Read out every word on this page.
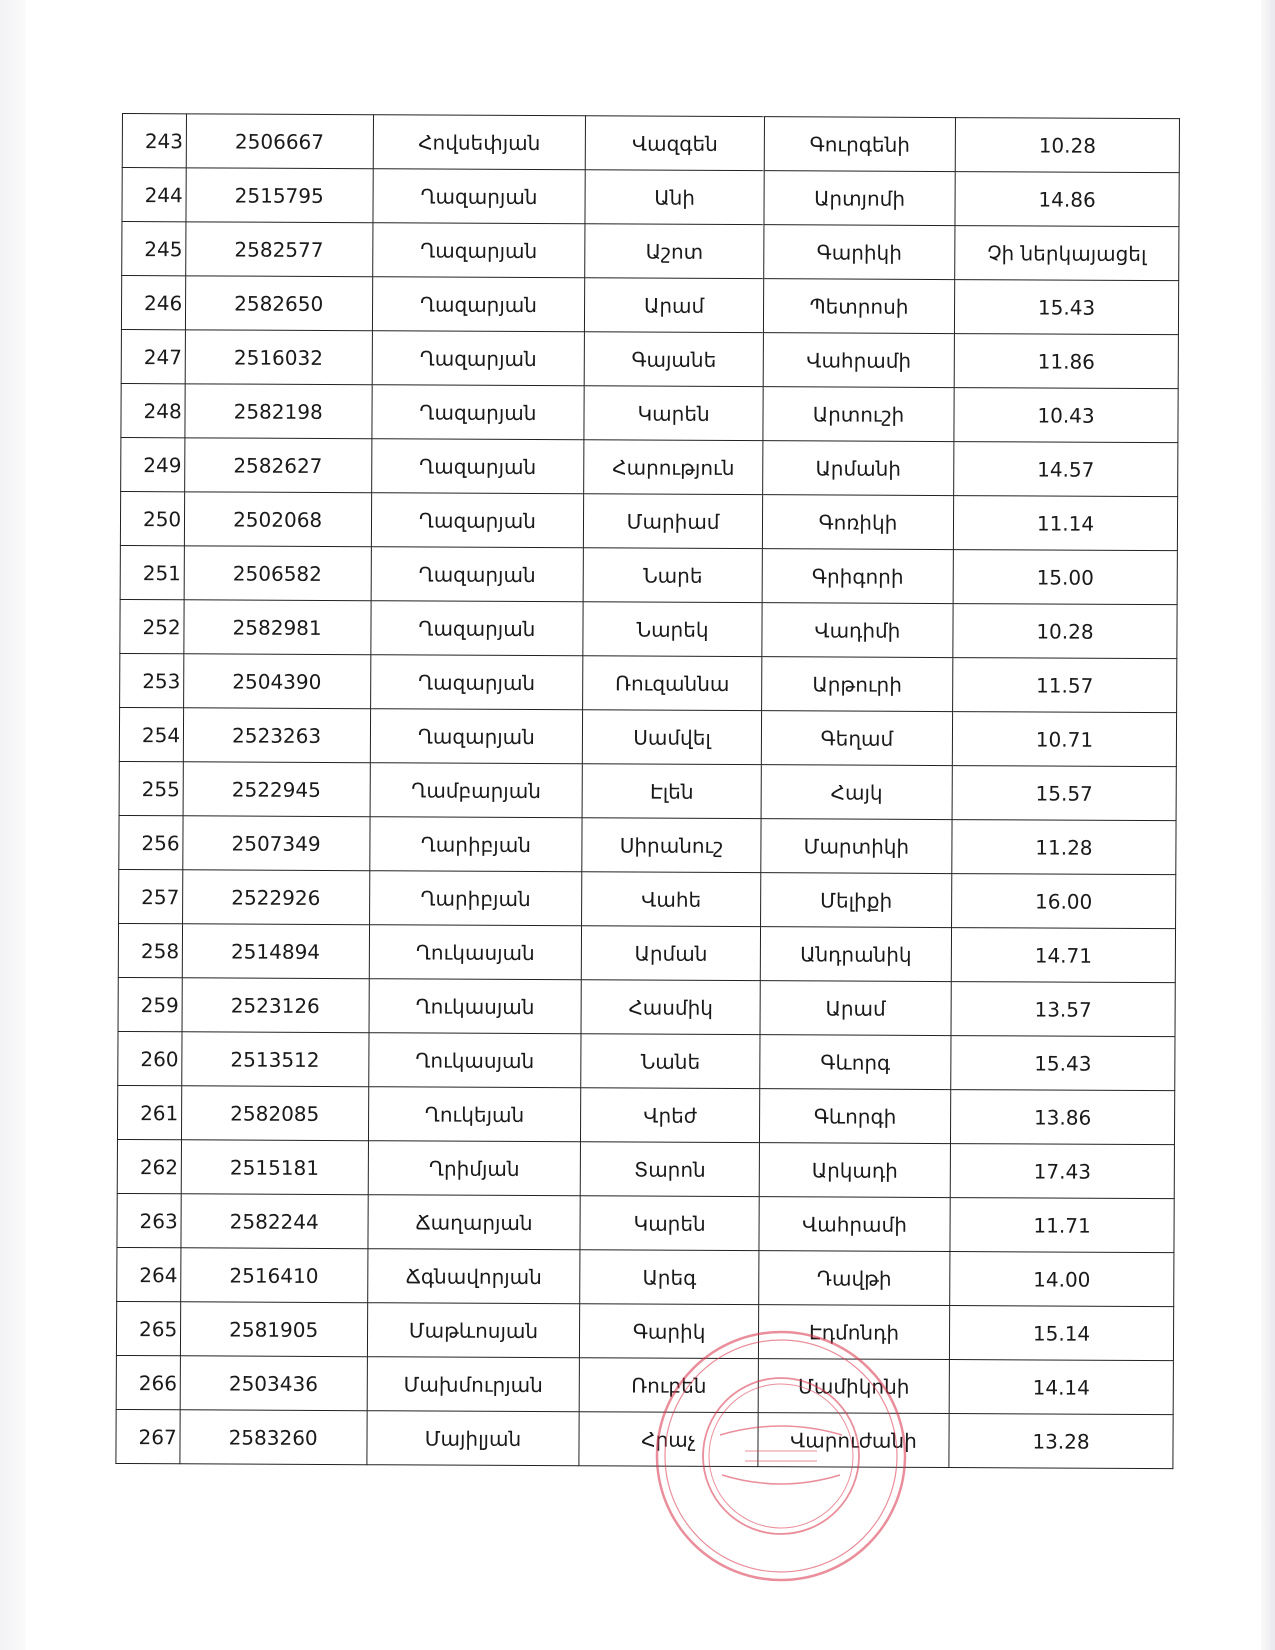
243	2506667	Հովսեփյան	Վազգեն	Գուրգենի	10.28
244	2515795	Ղազարյան	Անի	Արտյոմի	14.86
245	2582577	Ղազարյան	Աշոտ	Գարիկի	Չի ներկայացել
246	2582650	Ղազարյան	Արամ	Պետրոսի	15.43
247	2516032	Ղազարյան	Գայանե	Վահրամի	11.86
248	2582198	Ղազարյան	Կարեն	Արտուշի	10.43
249	2582627	Ղազարյան	Հարություն	Արմանի	14.57
250	2502068	Ղազարյան	Մարիամ	Գոռիկի	11.14
251	2506582	Ղազարյան	Նարե	Գրիգորի	15.00
252	2582981	Ղազարյան	Նարեկ	Վադիմի	10.28
253	2504390	Ղազարյան	Ռուզաննա	Արթուրի	11.57
254	2523263	Ղազարյան	Սամվել	Գեղամ	10.71
255	2522945	Ղամբարյան	Էլեն	Հայկ	15.57
256	2507349	Ղարիբյան	Սիրանուշ	Մարտիկի	11.28
257	2522926	Ղարիբյան	Վահե	Մելիքի	16.00
258	2514894	Ղուկասյան	Արման	Անդրանիկ	14.71
259	2523126	Ղուկասյան	Հասմիկ	Արամ	13.57
260	2513512	Ղուկասյան	Նանե	Գևորգ	15.43
261	2582085	Ղուկեյան	Վրեժ	Գևորգի	13.86
262	2515181	Ղրիմյան	Տարոն	Արկադի	17.43
263	2582244	Ճաղարյան	Կարեն	Վահրամի	11.71
264	2516410	Ճգնավորյան	Արեգ	Դավթի	14.00
265	2581905	Մաթևոսյան	Գարիկ	Էդմոնդի	15.14
266	2503436	Մախմուրյան	Ռուբեն	Մամիկոնի	14.14
267	2583260	Մայիլյան	Հրաչ	Վարուժանի	13.28
